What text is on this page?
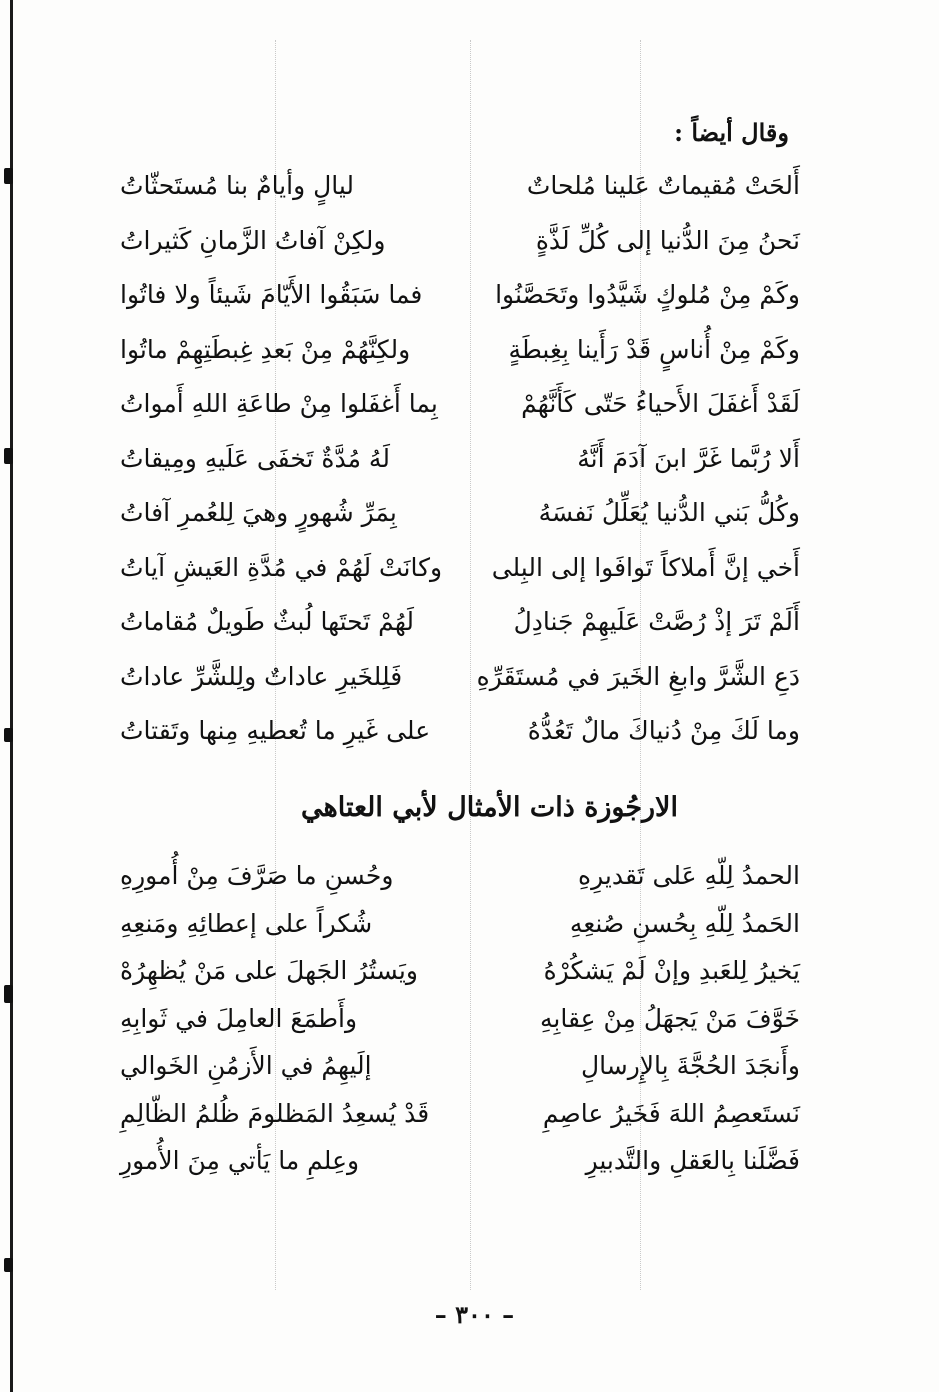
وقال أيضاً :
أَلحَتْ مُقيماتٌ عَلينا مُلحاتٌ
ليالٍ وأيامٌ بنا مُستَحثّاتُ
نَحنُ مِنَ الدُّنيا إلى كُلِّ لَذَّةٍ
ولكِنْ آفاتُ الزَّمانِ كَثيراتُ
وكَمْ مِنْ مُلوكٍ شَيَّدُوا وتَحَصَّنُوا
فما سَبَقُوا الأَيّامَ شَيئاً ولا فاتُوا
وكَمْ مِنْ أُناسٍ قَدْ رَأَينا بِغِبطَةٍ
ولكِنَّهُمْ مِنْ بَعدِ غِبطَتِهِمْ ماتُوا
لَقَدْ أَغفَلَ الأَحياءُ حَتّى كَأَنَّهُمْ
بِما أَغفَلوا مِنْ طاعَةِ اللهِ أَمواتُ
أَلا رُبَّما غَرَّ ابنَ آدَمَ أَنَّهُ
لَهُ مُدَّةٌ تَخفَى عَلَيهِ ومِيقاتُ
وكُلُّ بَني الدُّنيا يُعَلِّلُ نَفسَهُ
بِمَرِّ شُهورٍ وهيَ لِلعُمرِ آفاتُ
أَخي إنَّ أَملاكاً تَوافَوا إلى البِلى
وكانَتْ لَهُمْ في مُدَّةِ العَيشِ آياتُ
أَلَمْ تَرَ إذْ رُصَّتْ عَلَيهِمْ جَنادِلُ
لَهُمْ تَحتَها لُبثٌ طَويلٌ مُقاماتُ
دَعِ الشَّرَّ وابغِ الخَيرَ في مُستَقَرِّهِ
فَلِلخَيرِ عاداتٌ ولِلشَّرِّ عاداتُ
وما لَكَ مِنْ دُنياكَ مالٌ تَعُدُّهُ
على غَيرِ ما تُعطيهِ مِنها وتَقتاتُ
الارجُوزة ذات الأمثال لأبي العتاهي
الحمدُ لِلّهِ عَلى تَقديرِهِ
وحُسنِ ما صَرَّفَ مِنْ أُمورِهِ
الحَمدُ لِلّهِ بِحُسنِ صُنعِهِ
شُكراً على إعطائِهِ ومَنعِهِ
يَخيرُ لِلعَبدِ وإنْ لَمْ يَشكُرْهُ
ويَستُرُ الجَهلَ على مَنْ يُظهِرُهْ
خَوَّفَ مَنْ يَجهَلُ مِنْ عِقابِهِ
وأَطمَعَ العامِلَ في ثَوابِهِ
وأَنجَدَ الحُجَّةَ بِالإِرسالِ
إلَيهِمُ في الأَزمُنِ الخَوالي
نَستَعصِمُ اللهَ فَخَيرُ عاصِمِ
قَدْ يُسعِدُ المَظلومَ ظُلمُ الظّالِمِ
فَضَّلَنا بِالعَقلِ والتَّدبيرِ
وعِلمِ ما يَأتي مِنَ الأُمورِ
– ٣٠٠ –
